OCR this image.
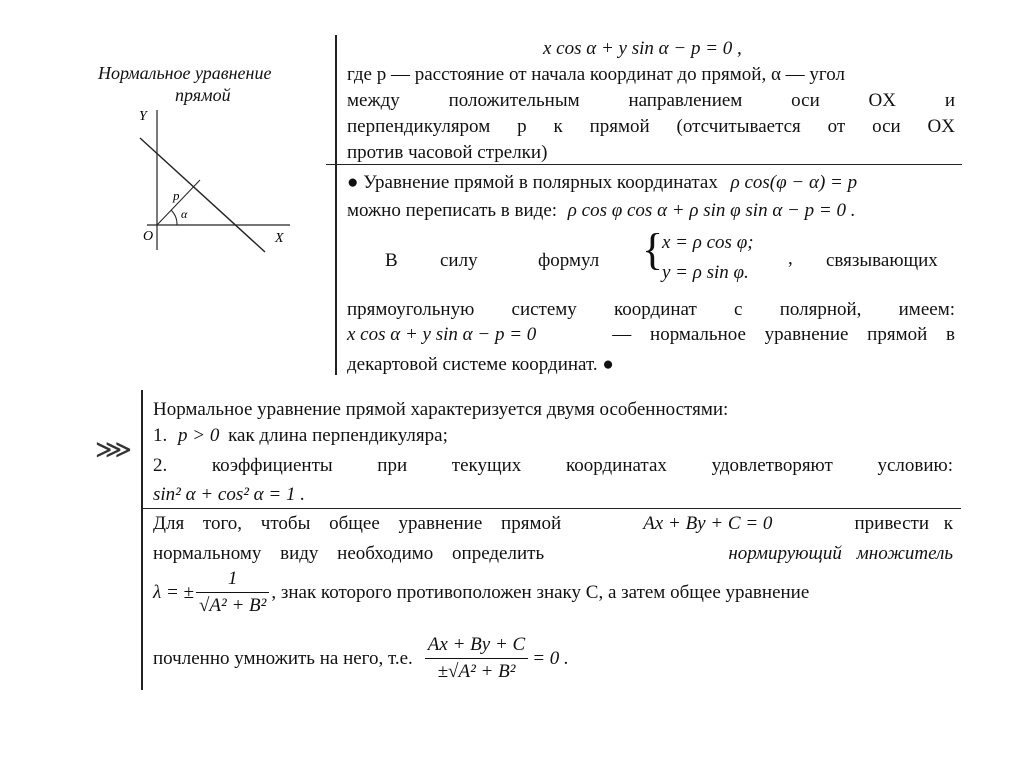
Нормальное уравнение
прямой
Y
X
O
p
α
x cos α + y sin α − p = 0 ,
где p — расстояние от начала координат до прямой, α — угол
между положительным направлением оси OX и
перпендикуляром p к прямой (отсчитывается от оси OX
против часовой стрелки)
● Уравнение прямой в полярных координатах ρ cos(φ − α) = p
можно переписать в виде: ρ cos φ cos α + ρ sin φ sin α − p = 0 .
В силу	формул {
x = ρ cos φ;
y = ρ sin φ.
, связывающих
прямоугольную систему координат с полярной, имеем:
x cos α + y sin α − p = 0	— нормальное уравнение прямой в
декартовой системе координат. ●
⋙
Нормальное уравнение прямой характеризуется двумя особенностями:
1. p > 0 как длина перпендикуляра;
2. коэффициенты при текущих координатах удовлетворяют условию:
sin² α + cos² α = 1 .
Для того, чтобы общее уравнение прямой	Ax + By + C = 0	привести к
нормальному виду необходимо определить	нормирующий множитель
λ = ± $\frac{1}{\text{√A² + B²}}$ , знак которого противоположен знаку C, а затем общее уравнение
почленно умножить на него, т.е. $\frac{Ax + By + C}{\text{±√A² + B²}} = 0$ .
